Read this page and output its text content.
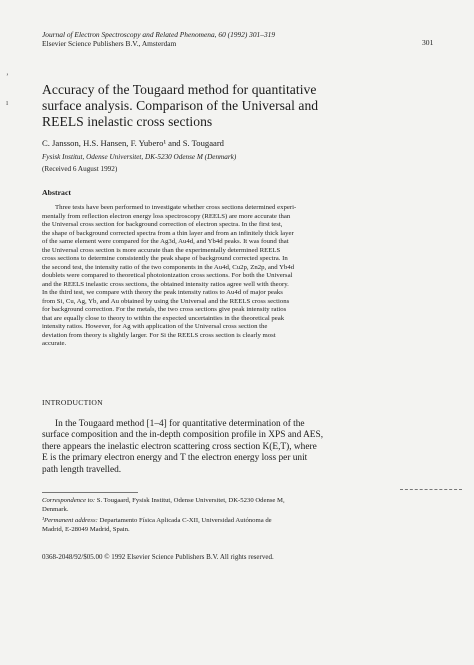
Journal of Electron Spectroscopy and Related Phenomena, 60 (1992) 301–319
Elsevier Science Publishers B.V., Amsterdam	301
’
ı
Accuracy of the Tougaard method for quantitative
surface analysis. Comparison of the Universal and
REELS inelastic cross sections
C. Jansson, H.S. Hansen, F. Yubero¹ and S. Tougaard
Fysisk Institut, Odense Universitet, DK-5230 Odense M (Denmark)
(Received 6 August 1992)
Abstract

Three tests have been performed to investigate whether cross sections determined experi-

mentally from reflection electron energy loss spectroscopy (REELS) are more accurate than

the Universal cross section for background correction of electron spectra. In the first test,

the shape of background corrected spectra from a thin layer and from an infinitely thick layer

of the same element were compared for the Ag3d, Au4d, and Yb4d peaks. It was found that

the Universal cross section is more accurate than the experimentally determined REELS

cross sections to determine consistently the peak shape of background corrected spectra. In

the second test, the intensity ratio of the two components in the Au4d, Cu2p, Zn2p, and Yb4d

doublets were compared to theoretical photoionization cross sections. For both the Universal

and the REELS inelastic cross sections, the obtained intensity ratios agree well with theory.

In the third test, we compare with theory the peak intensity ratios to Au4d of major peaks

from Si, Cu, Ag, Yb, and Au obtained by using the Universal and the REELS cross sections

for background correction. For the metals, the two cross sections give peak intensity ratios

that are equally close to theory to within the expected uncertainties in the theoretical peak

intensity ratios. However, for Ag with application of the Universal cross section the

deviation from theory is slightly larger. For Si the REELS cross section is clearly most

accurate.

INTRODUCTION

In the Tougaard method [1–4] for quantitative determination of the

surface composition and the in-depth composition profile in XPS and AES,

there appears the inelastic electron scattering cross section K(E,T), where

E is the primary electron energy and T the electron energy loss per unit

path length travelled.

Correspondence to: S. Tougaard, Fysisk Institut, Odense Universitet, DK-5230 Odense M,
Denmark.
¹Permanent address: Departamento Física Aplicada C-XII, Universidad Autónoma de
Madrid, E-28049 Madrid, Spain.
0368-2048/92/$05.00 © 1992 Elsevier Science Publishers B.V. All rights reserved.
